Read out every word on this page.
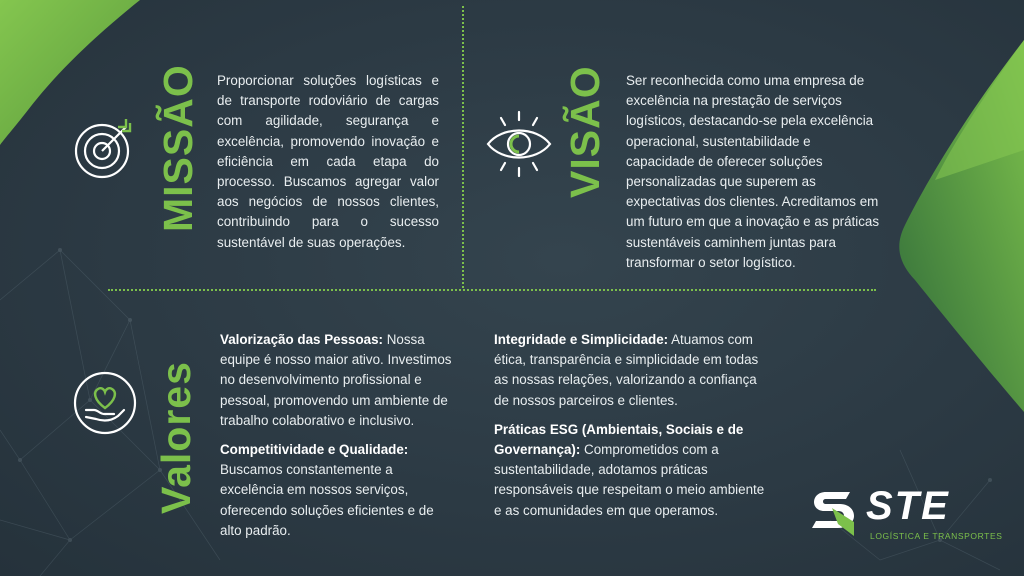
MISSÃO Proporcionar soluções logísticas e de transporte rodoviário de cargas com agilidade, segurança e excelência, promovendo inovação e eficiência em cada etapa do processo. Buscamos agregar valor aos negócios de nossos clientes, contribuindo para o sucesso sustentável de suas operações.

VISÃO Ser reconhecida como uma empresa de excelência na prestação de serviços logísticos, destacando-se pela excelência operacional, sustentabilidade e capacidade de oferecer soluções personalizadas que superem as expectativas dos clientes. Acreditamos em um futuro em que a inovação e as práticas sustentáveis caminhem juntas para transformar o setor logístico.

Valores

Valorização das Pessoas: Nossa equipe é nosso maior ativo. Investimos no desenvolvimento profissional e pessoal, promovendo um ambiente de trabalho colaborativo e inclusivo.

Competitividade e Qualidade: Buscamos constantemente a excelência em nossos serviços, oferecendo soluções eficientes e de alto padrão.

Integridade e Simplicidade: Atuamos com ética, transparência e simplicidade em todas as nossas relações, valorizando a confiança de nossos parceiros e clientes.

Práticas ESG (Ambientais, Sociais e de Governança): Comprometidos com a sustentabilidade, adotamos práticas responsáveis que respeitam o meio ambiente e as comunidades em que operamos.	STE
LOGÍSTICA E TRANSPORTES
